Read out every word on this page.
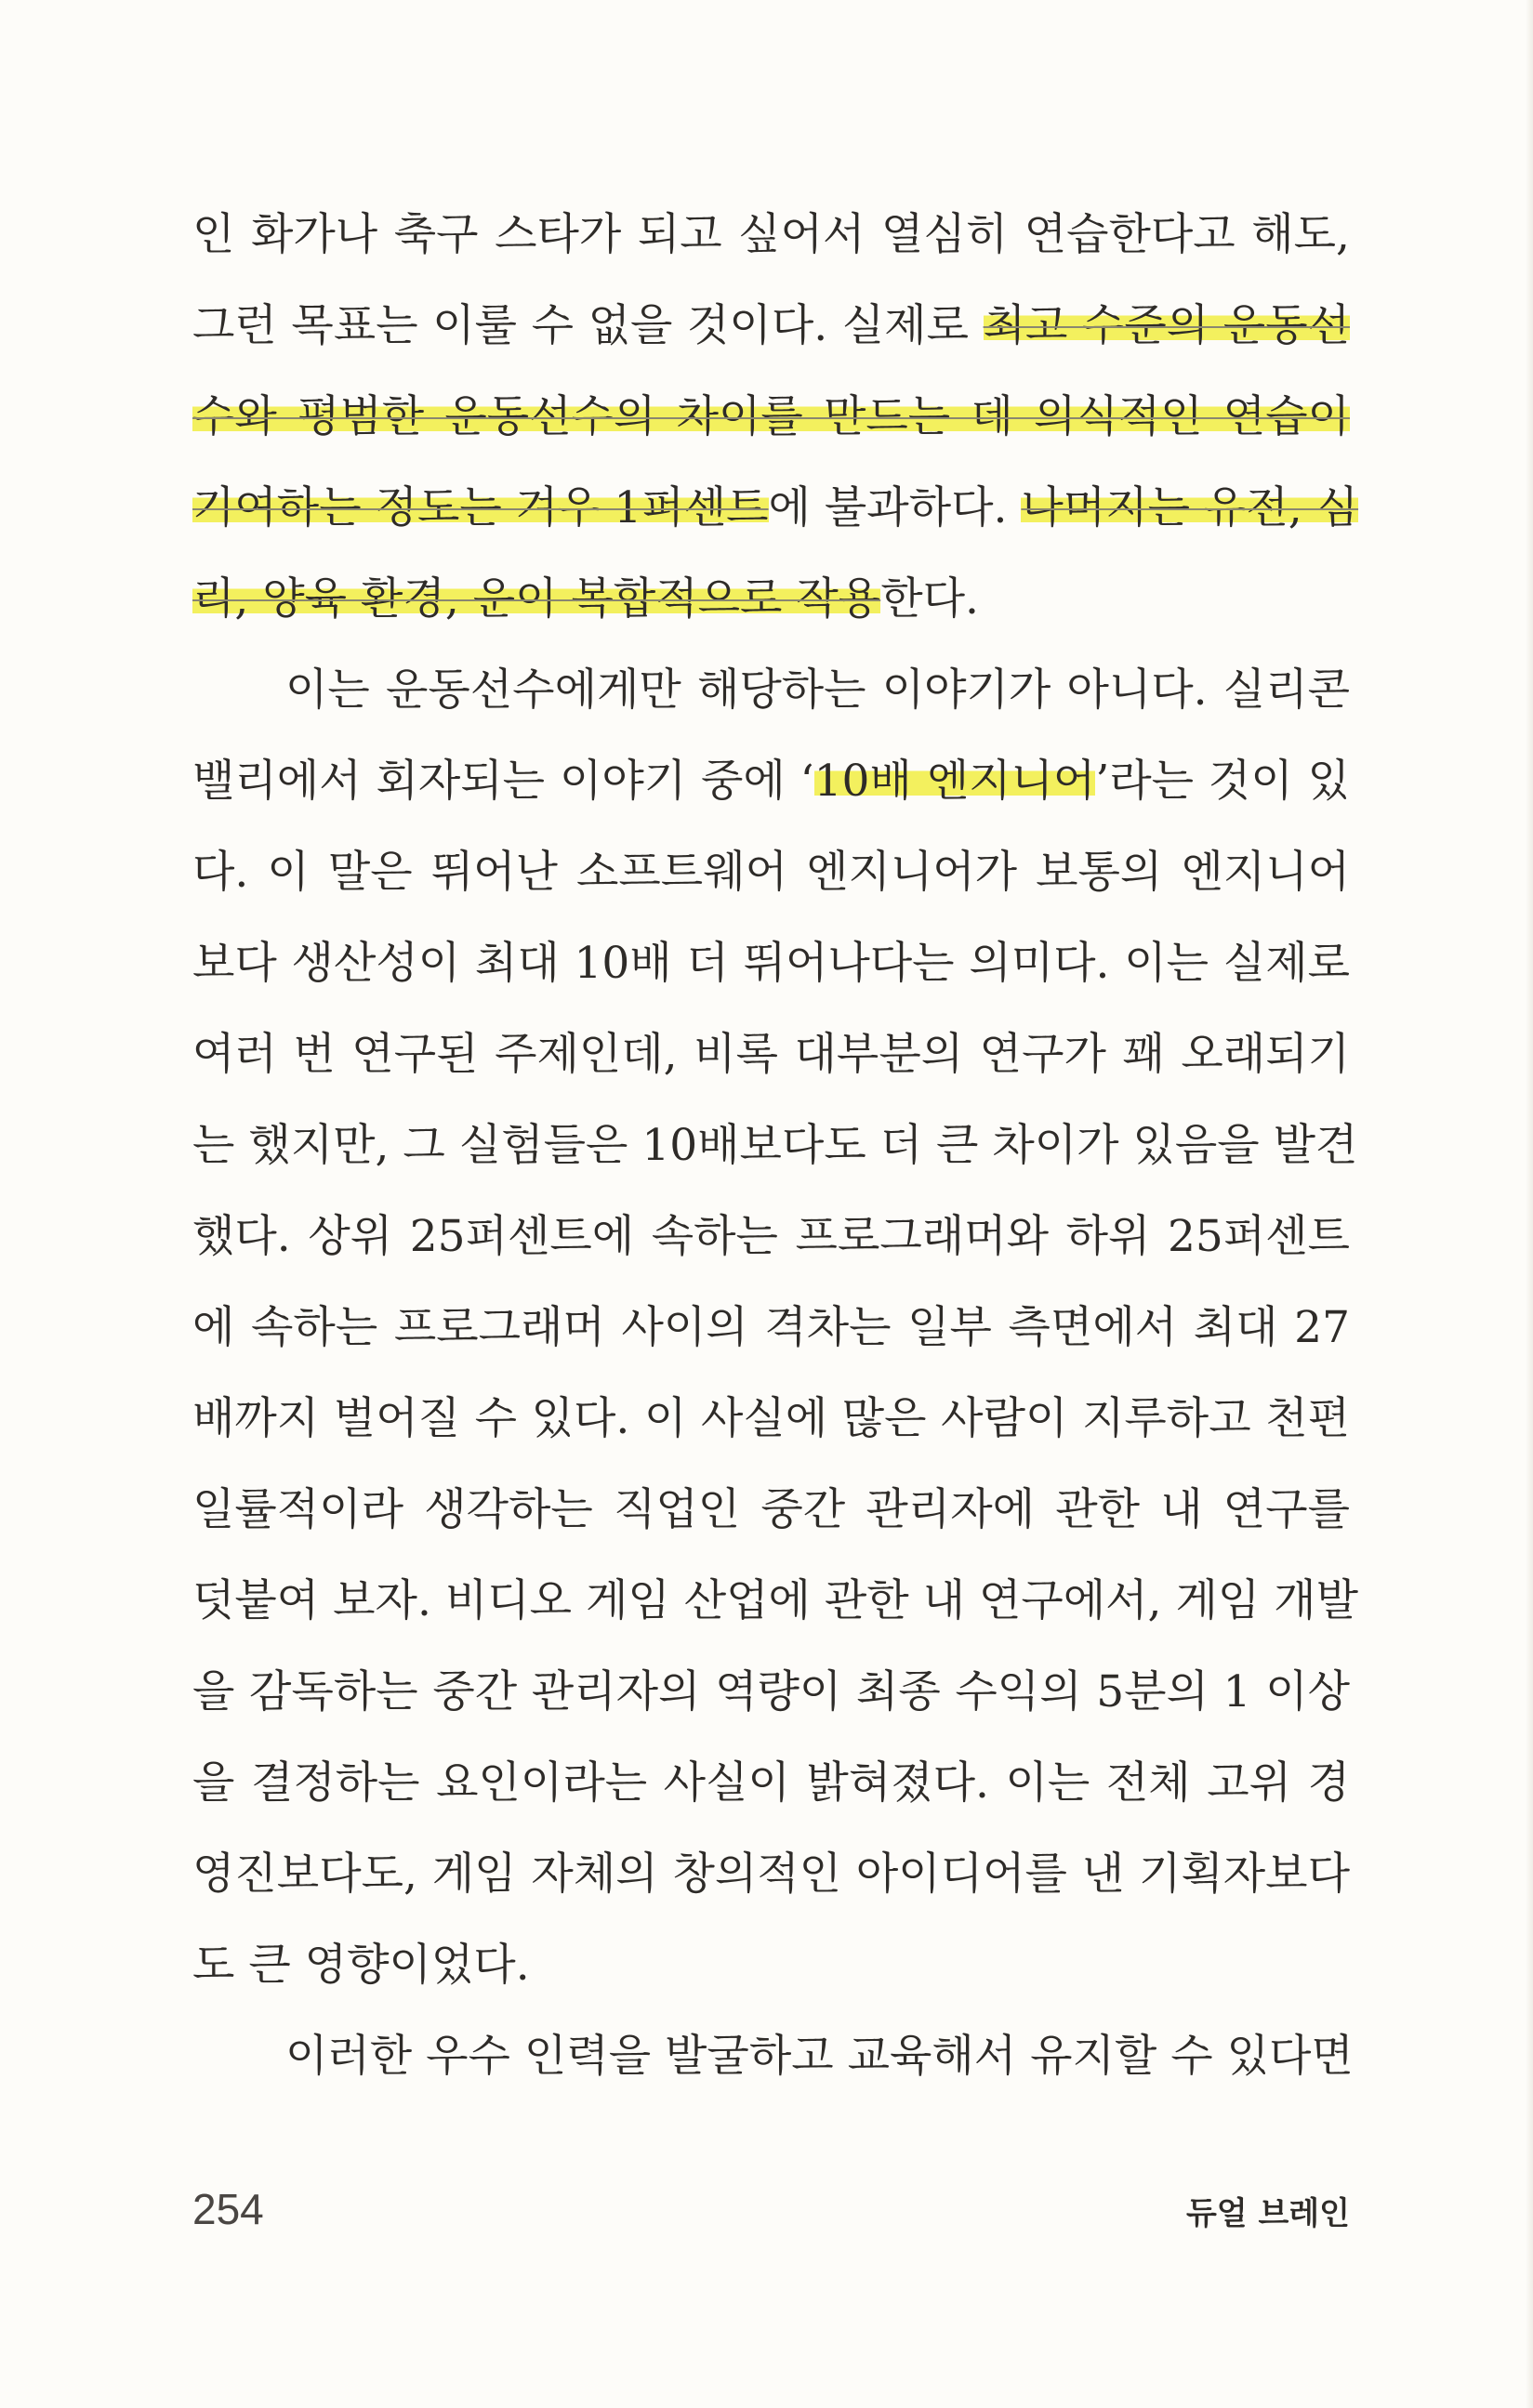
인 화가나 축구 스타가 되고 싶어서 열심히 연습한다고 해도,
그런 목표는 이룰 수 없을 것이다. 실제로 최고 수준의 운동선
수와 평범한 운동선수의 차이를 만드는 데 의식적인 연습이
기여하는 정도는 겨우 1퍼센트에 불과하다. 나머지는 유전, 심
리, 양육 환경, 운이 복합적으로 작용한다.
이는 운동선수에게만 해당하는 이야기가 아니다. 실리콘
밸리에서 회자되는 이야기 중에 ‘10배 엔지니어’라는 것이 있
다. 이 말은 뛰어난 소프트웨어 엔지니어가 보통의 엔지니어
보다 생산성이 최대 10배 더 뛰어나다는 의미다. 이는 실제로
여러 번 연구된 주제인데, 비록 대부분의 연구가 꽤 오래되기
는 했지만, 그 실험들은 10배보다도 더 큰 차이가 있음을 발견
했다. 상위 25퍼센트에 속하는 프로그래머와 하위 25퍼센트
에 속하는 프로그래머 사이의 격차는 일부 측면에서 최대 27
배까지 벌어질 수 있다. 이 사실에 많은 사람이 지루하고 천편
일률적이라 생각하는 직업인 중간 관리자에 관한 내 연구를
덧붙여 보자. 비디오 게임 산업에 관한 내 연구에서, 게임 개발
을 감독하는 중간 관리자의 역량이 최종 수익의 5분의 1 이상
을 결정하는 요인이라는 사실이 밝혀졌다. 이는 전체 고위 경
영진보다도, 게임 자체의 창의적인 아이디어를 낸 기획자보다
도 큰 영향이었다.
이러한 우수 인력을 발굴하고 교육해서 유지할 수 있다면
254	듀얼 브레인
